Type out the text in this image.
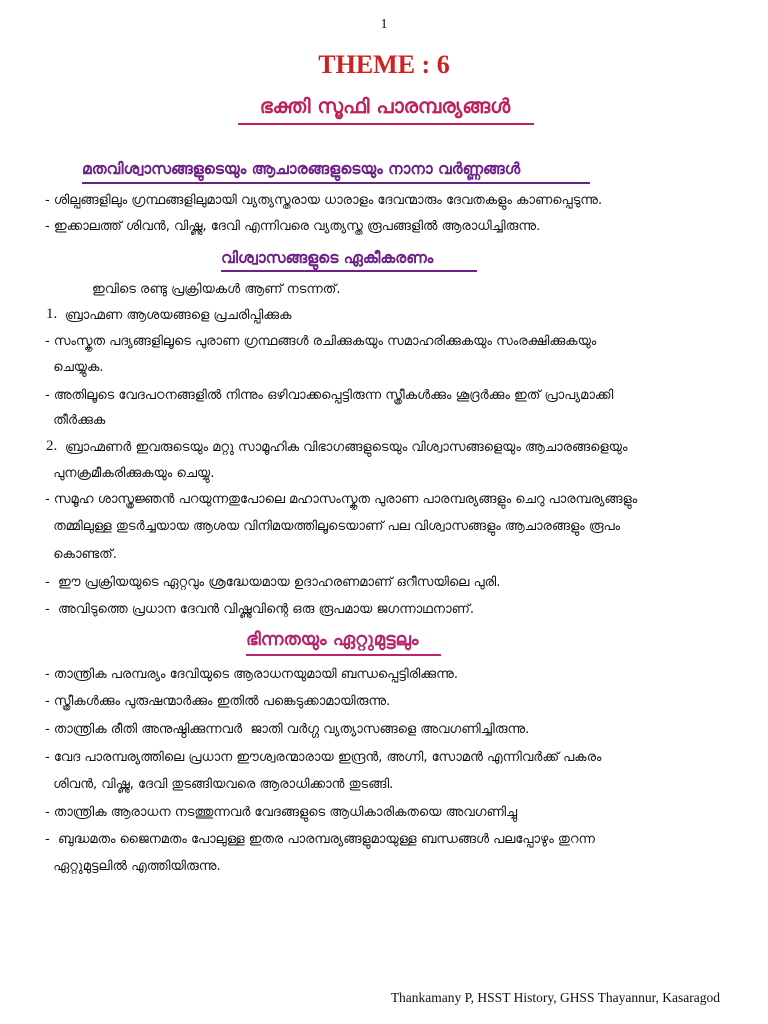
1
THEME : 6
ഭക്തി സൂഫി പാരമ്പര്യങ്ങൾ
മതവിശ്വാസങ്ങളുടെയും ആചാരങ്ങളുടെയും നാനാ വർണ്ണങ്ങൾ
- ശില്പങ്ങളിലും ഗ്രന്ഥങ്ങളിലുമായി വ്യത്യസ്തരായ ധാരാളം ദേവന്മാരും ദേവതകളും കാണപ്പെടുന്നു.
- ഇക്കാലത്ത് ശിവൻ, വിഷ്ണു, ദേവി എന്നിവരെ വ്യത്യസ്ത രൂപങ്ങളിൽ ആരാധിച്ചിരുന്നു.
വിശ്വാസങ്ങളുടെ ഏകീകരണം
ഇവിടെ രണ്ടു പ്രക്രിയകൾ ആണ് നടന്നത്.
1. ബ്രാഹ്മണ ആശയങ്ങളെ പ്രചരിപ്പിക്കുക
- സംസ്കൃത പദ്യങ്ങളിലൂടെ പുരാണ ഗ്രന്ഥങ്ങൾ രചിക്കുകയും സമാഹരിക്കുകയും സംരക്ഷിക്കുകയും
ചെയ്യുക.
- അതിലൂടെ വേദപഠനങ്ങളിൽ നിന്നും ഒഴിവാക്കപ്പെട്ടിരുന്ന സ്ത്രീകൾക്കും ശൂദ്രർക്കും ഇത് പ്രാപ്യമാക്കി
തീർക്കുക
2. ബ്രാഹ്മണർ ഇവരുടെയും മറ്റു സാമൂഹിക വിഭാഗങ്ങളുടെയും വിശ്വാസങ്ങളെയും ആചാരങ്ങളെയും
പുനക്രമീകരിക്കുകയും ചെയ്യു.
- സമൂഹ ശാസ്ത്രജ്ഞൻ പറയുന്നതുപോലെ മഹാസംസ്കൃത പുരാണ പാരമ്പര്യങ്ങളും ചെറു പാരമ്പര്യങ്ങളും
തമ്മിലുള്ള തുടർച്ചയായ ആശയ വിനിമയത്തിലൂടെയാണ് പല വിശ്വാസങ്ങളും ആചാരങ്ങളും രൂപം
കൊണ്ടത്.
-  ഈ പ്രക്രിയയുടെ ഏറ്റവും ശ്രദ്ധേയമായ ഉദാഹരണമാണ് ഒറീസയിലെ പുരി.
-  അവിടുത്തെ പ്രധാന ദേവൻ വിഷ്ണുവിന്റെ ഒരു രൂപമായ ജഗന്നാഥനാണ്.
ഭിന്നതയും ഏറ്റുമുട്ടലും
- താന്ത്രിക പരമ്പര്യം ദേവിയുടെ ആരാധനയുമായി ബന്ധപ്പെട്ടിരിക്കുന്നു.
- സ്ത്രീകൾക്കും പുരുഷന്മാർക്കും ഇതിൽ പങ്കെടുക്കാമായിരുന്നു.
- താന്ത്രിക രീതി അനുഷ്ഠിക്കുന്നവർ  ജാതി വർഗ്ഗ വ്യത്യാസങ്ങളെ അവഗണിച്ചിരുന്നു.
- വേദ പാരമ്പര്യത്തിലെ പ്രധാന ഈശ്വരന്മാരായ ഇന്ദ്രൻ, അഗ്നി, സോമൻ എന്നിവർക്ക് പകരം
ശിവൻ, വിഷ്ണു, ദേവി തുടങ്ങിയവരെ ആരാധിക്കാൻ തുടങ്ങി.
- താന്ത്രിക ആരാധന നടത്തുന്നവർ വേദങ്ങളുടെ ആധികാരികതയെ അവഗണിച്ചു
-  ബുദ്ധമതം ജൈനമതം പോലുള്ള ഇതര പാരമ്പര്യങ്ങളുമായുള്ള ബന്ധങ്ങൾ പലപ്പോഴും തുറന്ന
ഏറ്റുമുട്ടലിൽ എത്തിയിരുന്നു.
Thankamany P, HSST History, GHSS Thayannur, Kasaragod
